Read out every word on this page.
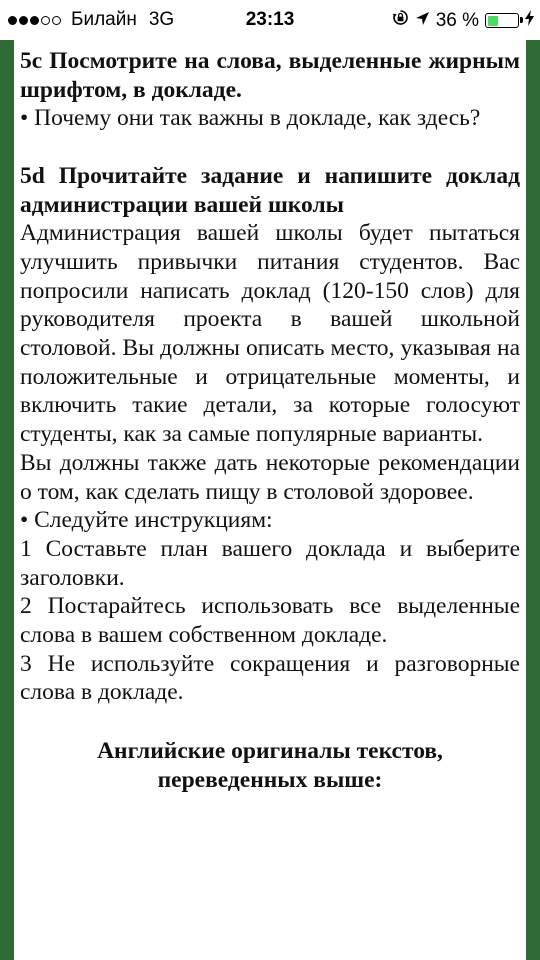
Билайн 3G	23:13	36 %

5c Посмотрите на слова, выделенные жирным шрифтом, в докладе.

• Почему они так важны в докладе, как здесь?

5d Прочитайте задание и напишите доклад администрации вашей школы

Администрация вашей школы будет пытаться улучшить привычки питания студентов. Вас попросили написать доклад (120-150 слов) для руководителя проекта в вашей школьной столовой. Вы должны описать место, указывая на положительные и отрицательные моменты, и включить такие детали, за которые голосуют студенты, как за самые популярные варианты.

Вы должны также дать некоторые рекомендации о том, как сделать пищу в столовой здоровее.

• Следуйте инструкциям:

1 Составьте план вашего доклада и выберите заголовки.

2 Постарайтесь использовать все выделенные слова в вашем собственном докладе.

3 Не используйте сокращения и разговорные слова в докладе.

Английские оригиналы текстов, переведенных выше:
